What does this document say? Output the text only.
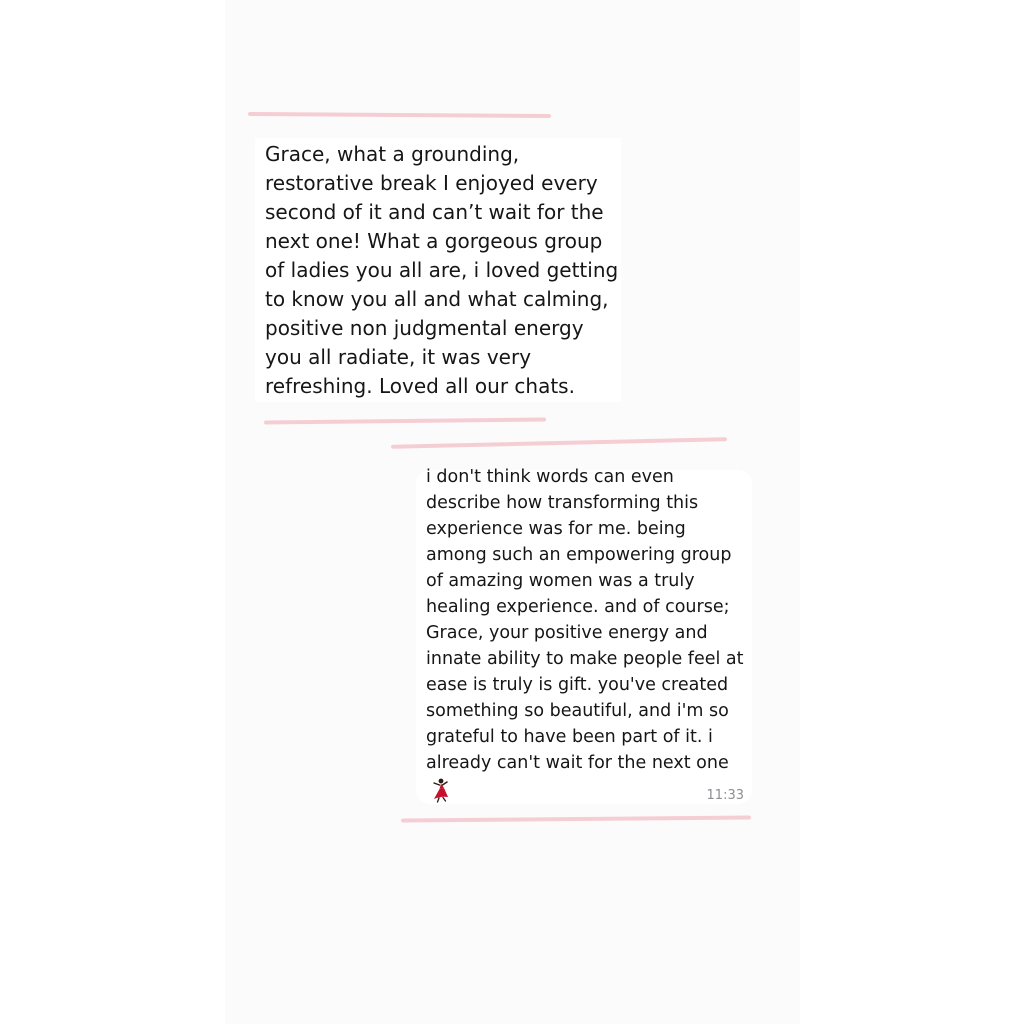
Grace, what a grounding, restorative break I enjoyed every second of it and can’t wait for the next one! What a gorgeous group of ladies you all are, i loved getting to know you all and what calming, positive non judgmental energy you all radiate, it was very refreshing. Loved all our chats.
i don't think words can even describe how transforming this experience was for me. being among such an empowering group of amazing women was a truly healing experience. and of course; Grace, your positive energy and innate ability to make people feel at ease is truly is gift. you've created something so beautiful, and i'm so grateful to have been part of it. i already can't wait for the next one
11:33
